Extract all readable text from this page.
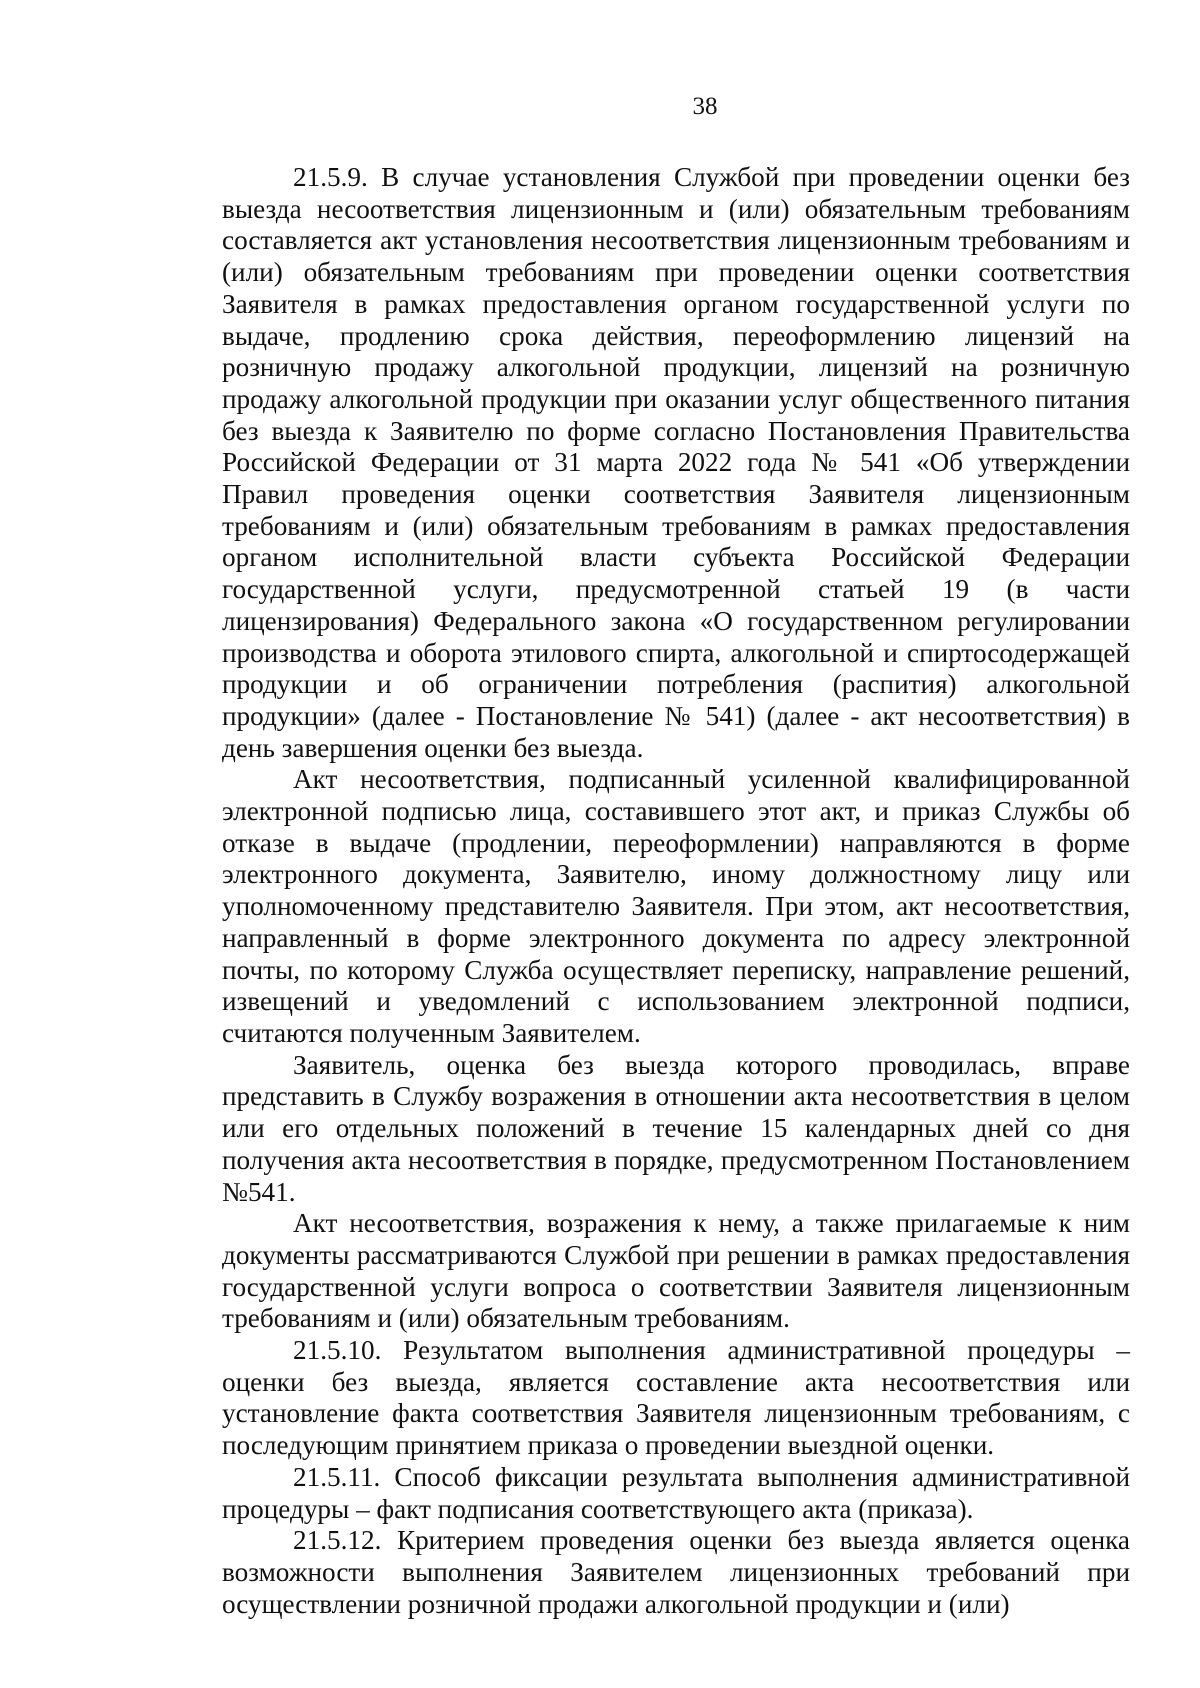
38

21.5.9. В случае установления Службой при проведении оценки без выезда несоответствия лицензионным и (или) обязательным требованиям составляется акт установления несоответствия лицензионным требованиям и (или) обязательным требованиям при проведении оценки соответствия Заявителя в рамках предоставления органом государственной услуги по выдаче, продлению срока действия, переоформлению лицензий на розничную продажу алкогольной продукции, лицензий на розничную продажу алкогольной продукции при оказании услуг общественного питания без выезда к Заявителю по форме согласно Постановления Правительства Российской Федерации от 31 марта 2022 года № 541 «Об утверждении Правил проведения оценки соответствия Заявителя лицензионным требованиям и (или) обязательным требованиям в рамках предоставления органом исполнительной власти субъекта Российской Федерации государственной услуги, предусмотренной статьей 19 (в части лицензирования) Федерального закона «О государственном регулировании производства и оборота этилового спирта, алкогольной и спиртосодержащей продукции и об ограничении потребления (распития) алкогольной продукции» (далее - Постановление № 541) (далее - акт несоответствия) в день завершения оценки без выезда.

Акт несоответствия, подписанный усиленной квалифицированной электронной подписью лица, составившего этот акт, и приказ Службы об отказе в выдаче (продлении, переоформлении) направляются в форме электронного документа, Заявителю, иному должностному лицу или уполномоченному представителю Заявителя. При этом, акт несоответствия, направленный в форме электронного документа по адресу электронной почты, по которому Служба осуществляет переписку, направление решений, извещений и уведомлений с использованием электронной подписи, считаются полученным Заявителем.

Заявитель, оценка без выезда которого проводилась, вправе представить в Службу возражения в отношении акта несоответствия в целом или его отдельных положений в течение 15 календарных дней со дня получения акта несоответствия в порядке, предусмотренном Постановлением №541.

Акт несоответствия, возражения к нему, а также прилагаемые к ним документы рассматриваются Службой при решении в рамках предоставления государственной услуги вопроса о соответствии Заявителя лицензионным требованиям и (или) обязательным требованиям.

21.5.10. Результатом выполнения административной процедуры – оценки без выезда, является составление акта несоответствия или установление факта соответствия Заявителя лицензионным требованиям, с последующим принятием приказа о проведении выездной оценки.

21.5.11. Способ фиксации результата выполнения административной процедуры – факт подписания соответствующего акта (приказа).

21.5.12. Критерием проведения оценки без выезда является оценка возможности выполнения Заявителем лицензионных требований при осуществлении розничной продажи алкогольной продукции и (или)
